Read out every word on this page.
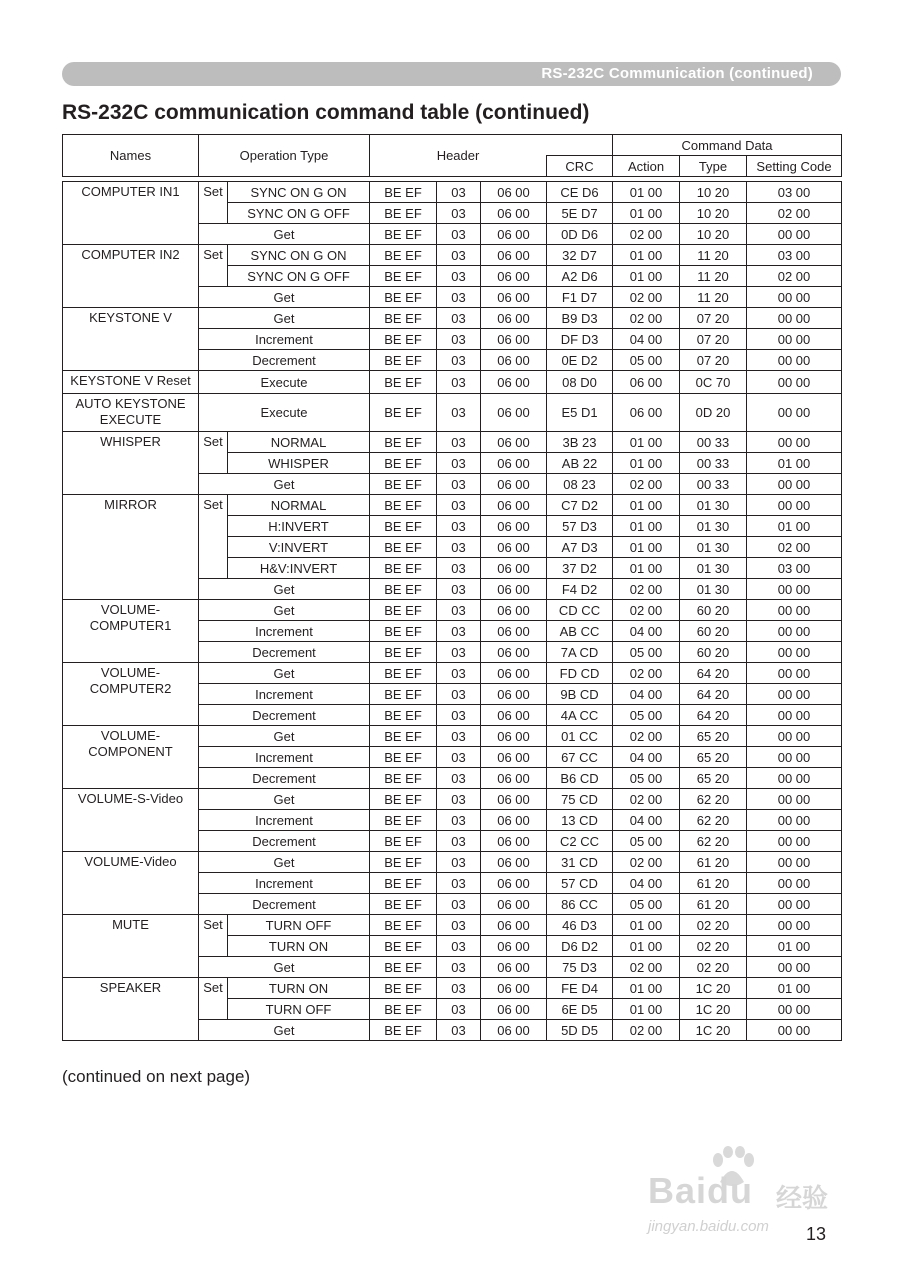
RS-232C Communication (continued)
RS-232C communication command table (continued)
Names	Operation Type		Header				Command Data		
						CRC	Action	Type	Setting Code

COMPUTER IN1	Set	SYNC ON G ON	BE EF	03	06 00	CE D6	01 00	10 20	03 00
		SYNC ON G OFF	BE EF	03	06 00	5E D7	01 00	10 20	02 00
	Get		BE EF	03	06 00	0D D6	02 00	10 20	00 00
COMPUTER IN2	Set	SYNC ON G ON	BE EF	03	06 00	32 D7	01 00	11 20	03 00
		SYNC ON G OFF	BE EF	03	06 00	A2 D6	01 00	11 20	02 00
	Get		BE EF	03	06 00	F1 D7	02 00	11 20	00 00
KEYSTONE V	Get		BE EF	03	06 00	B9 D3	02 00	07 20	00 00
	Increment		BE EF	03	06 00	DF D3	04 00	07 20	00 00
	Decrement		BE EF	03	06 00	0E D2	05 00	07 20	00 00
KEYSTONE V Reset	Execute		BE EF	03	06 00	08 D0	06 00	0C 70	00 00
AUTO KEYSTONE EXECUTE	Execute		BE EF	03	06 00	E5 D1	06 00	0D 20	00 00
WHISPER	Set	NORMAL	BE EF	03	06 00	3B 23	01 00	00 33	00 00
		WHISPER	BE EF	03	06 00	AB 22	01 00	00 33	01 00
	Get		BE EF	03	06 00	08 23	02 00	00 33	00 00
MIRROR	Set	NORMAL	BE EF	03	06 00	C7 D2	01 00	01 30	00 00
		H:INVERT	BE EF	03	06 00	57 D3	01 00	01 30	01 00
		V:INVERT	BE EF	03	06 00	A7 D3	01 00	01 30	02 00
		H&V:INVERT	BE EF	03	06 00	37 D2	01 00	01 30	03 00
	Get		BE EF	03	06 00	F4 D2	02 00	01 30	00 00
VOLUME-
COMPUTER1	Get		BE EF	03	06 00	CD CC	02 00	60 20	00 00
	Increment		BE EF	03	06 00	AB CC	04 00	60 20	00 00
	Decrement		BE EF	03	06 00	7A CD	05 00	60 20	00 00
VOLUME-
COMPUTER2	Get		BE EF	03	06 00	FD CD	02 00	64 20	00 00
	Increment		BE EF	03	06 00	9B CD	04 00	64 20	00 00
	Decrement		BE EF	03	06 00	4A CC	05 00	64 20	00 00
VOLUME-
COMPONENT	Get		BE EF	03	06 00	01 CC	02 00	65 20	00 00
	Increment		BE EF	03	06 00	67 CC	04 00	65 20	00 00
	Decrement		BE EF	03	06 00	B6 CD	05 00	65 20	00 00
VOLUME-S-Video	Get		BE EF	03	06 00	75 CD	02 00	62 20	00 00
	Increment		BE EF	03	06 00	13 CD	04 00	62 20	00 00
	Decrement		BE EF	03	06 00	C2 CC	05 00	62 20	00 00
VOLUME-Video	Get		BE EF	03	06 00	31 CD	02 00	61 20	00 00
	Increment		BE EF	03	06 00	57 CD	04 00	61 20	00 00
	Decrement		BE EF	03	06 00	86 CC	05 00	61 20	00 00
MUTE	Set	TURN OFF	BE EF	03	06 00	46 D3	01 00	02 20	00 00
		TURN ON	BE EF	03	06 00	D6 D2	01 00	02 20	01 00
	Get		BE EF	03	06 00	75 D3	02 00	02 20	00 00
SPEAKER	Set	TURN ON	BE EF	03	06 00	FE D4	01 00	1C 20	01 00
		TURN OFF	BE EF	03	06 00	6E D5	01 00	1C 20	00 00
	Get		BE EF	03	06 00	5D D5	02 00	1C 20	00 00
(continued on next page)
Baidu 经验
jingyan.baidu.com 13
